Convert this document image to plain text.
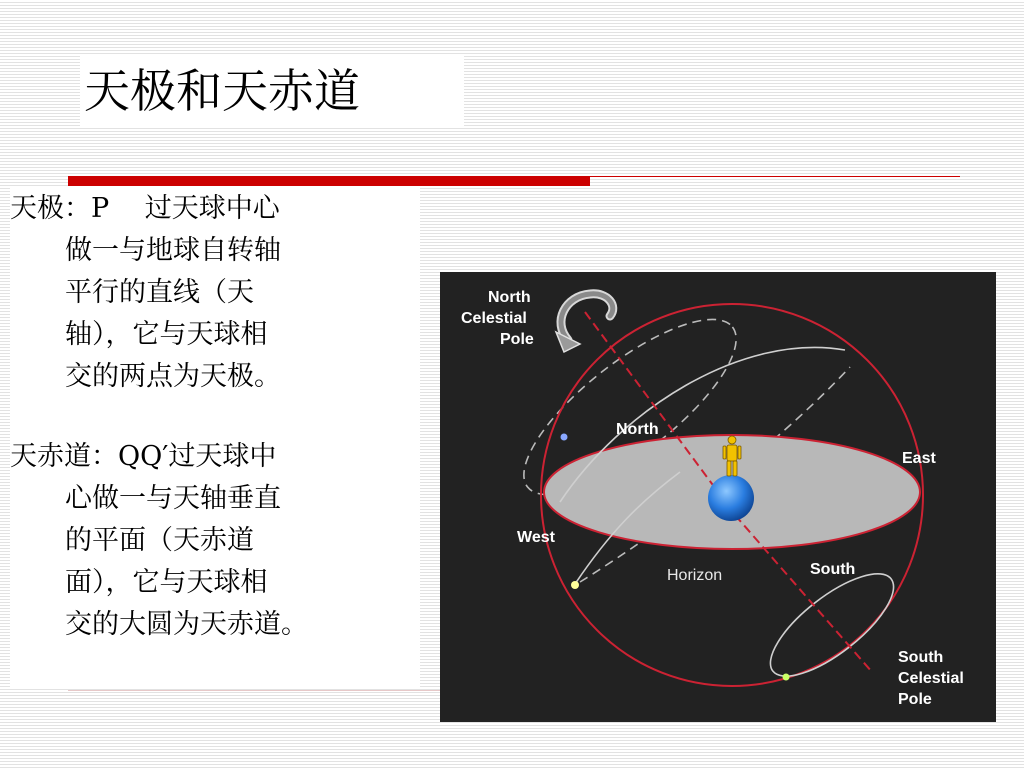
天极和天赤道

天极：P　 过天球中心
做一与地球自转轴
平行的直线（天
轴），它与天球相
交的两点为天极。

天赤道：QQ′过天球中
心做一与天轴垂直
的平面（天赤道
面），它与天球相
交的大圆为天赤道。

North
Celestial
Pole
North
East
West
South
Horizon
South
Celestial
Pole
